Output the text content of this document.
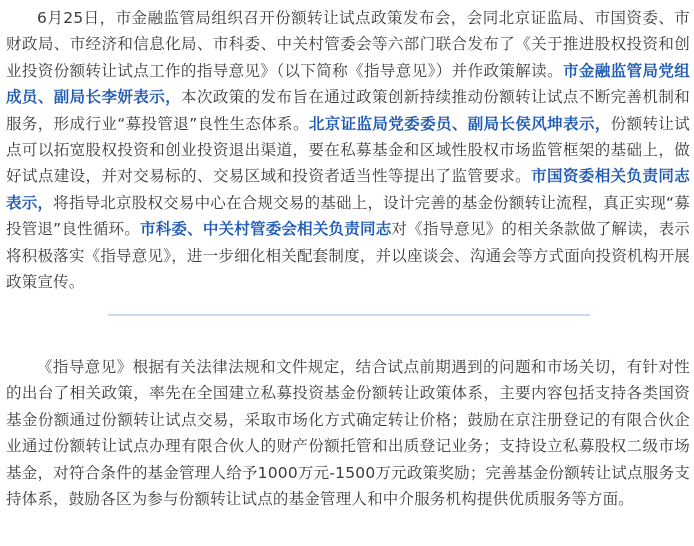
6月25日，市金融监管局组织召开份额转让试点政策发布会，会同北京证监局、市国资委、市财政局、市经济和信息化局、市科委、中关村管委会等六部门联合发布了《关于推进股权投资和创业投资份额转让试点工作的指导意见》（以下简称《指导意见》）并作政策解读。市金融监管局党组成员、副局长李妍表示，本次政策的发布旨在通过政策创新持续推动份额转让试点不断完善机制和服务，形成行业“募投管退”良性生态体系。北京证监局党委委员、副局长侯风坤表示，份额转让试点可以拓宽股权投资和创业投资退出渠道，要在私募基金和区域性股权市场监管框架的基础上，做好试点建设，并对交易标的、交易区域和投资者适当性等提出了监管要求。市国资委相关负责同志表示，将指导北京股权交易中心在合规交易的基础上，设计完善的基金份额转让流程，真正实现“募投管退”良性循环。市科委、中关村管委会相关负责同志对《指导意见》的相关条款做了解读，表示将积极落实《指导意见》，进一步细化相关配套制度，并以座谈会、沟通会等方式面向投资机构开展政策宣传。

《指导意见》根据有关法律法规和文件规定，结合试点前期遇到的问题和市场关切，有针对性的出台了相关政策，率先在全国建立私募投资基金份额转让政策体系，主要内容包括支持各类国资基金份额通过份额转让试点交易，采取市场化方式确定转让价格；鼓励在京注册登记的有限合伙企业通过份额转让试点办理有限合伙人的财产份额托管和出质登记业务；支持设立私募股权二级市场基金，对符合条件的基金管理人给予1000万元-1500万元政策奖励；完善基金份额转让试点服务支持体系，鼓励各区为参与份额转让试点的基金管理人和中介服务机构提供优质服务等方面。
